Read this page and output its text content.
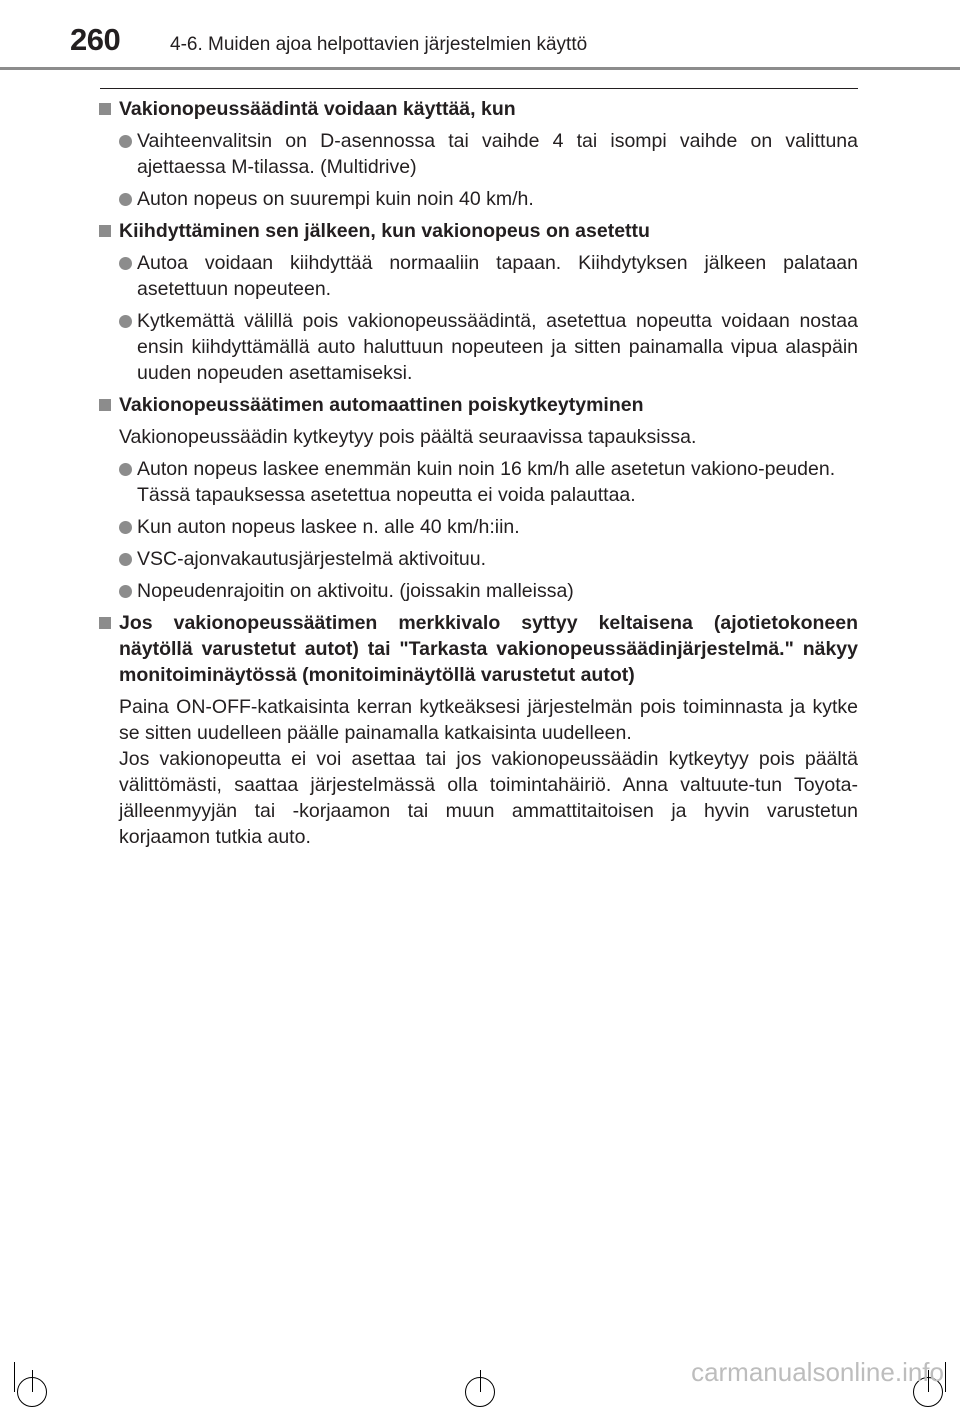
260	4-6. Muiden ajoa helpottavien järjestelmien käyttö
Vakionopeussäädintä voidaan käyttää, kun
Vaihteenvalitsin on D-asennossa tai vaihde 4 tai isompi vaihde on valittuna ajettaessa M-tilassa. (Multidrive)
Auton nopeus on suurempi kuin noin 40 km/h.
Kiihdyttäminen sen jälkeen, kun vakionopeus on asetettu
Autoa voidaan kiihdyttää normaaliin tapaan. Kiihdytyksen jälkeen palataan asetettuun nopeuteen.
Kytkemättä välillä pois vakionopeussäädintä, asetettua nopeutta voidaan nostaa ensin kiihdyttämällä auto haluttuun nopeuteen ja sitten painamalla vipua alaspäin uuden nopeuden asettamiseksi.
Vakionopeussäätimen automaattinen poiskytkeytyminen
Vakionopeussäädin kytkeytyy pois päältä seuraavissa tapauksissa.
Auton nopeus laskee enemmän kuin noin 16 km/h alle asetetun vakiono-peuden.
Tässä tapauksessa asetettua nopeutta ei voida palauttaa.
Kun auton nopeus laskee n. alle 40 km/h:iin.
VSC-ajonvakautusjärjestelmä aktivoituu.
Nopeudenrajoitin on aktivoitu. (joissakin malleissa)
Jos vakionopeussäätimen merkkivalo syttyy keltaisena (ajotietokoneen näytöllä varustetut autot) tai "Tarkasta vakionopeussäädinjärjestelmä." näkyy monitoiminäytössä (monitoiminäytöllä varustetut autot)
Paina ON-OFF-katkaisinta kerran kytkeäksesi järjestelmän pois toiminnasta ja kytke se sitten uudelleen päälle painamalla katkaisinta uudelleen.
Jos vakionopeutta ei voi asettaa tai jos vakionopeussäädin kytkeytyy pois päältä välittömästi, saattaa järjestelmässä olla toimintahäiriö. Anna valtuute-tun Toyota-jälleenmyyjän tai -korjaamon tai muun ammattitaitoisen ja hyvin varustetun korjaamon tutkia auto.
carmanualsonline.info
